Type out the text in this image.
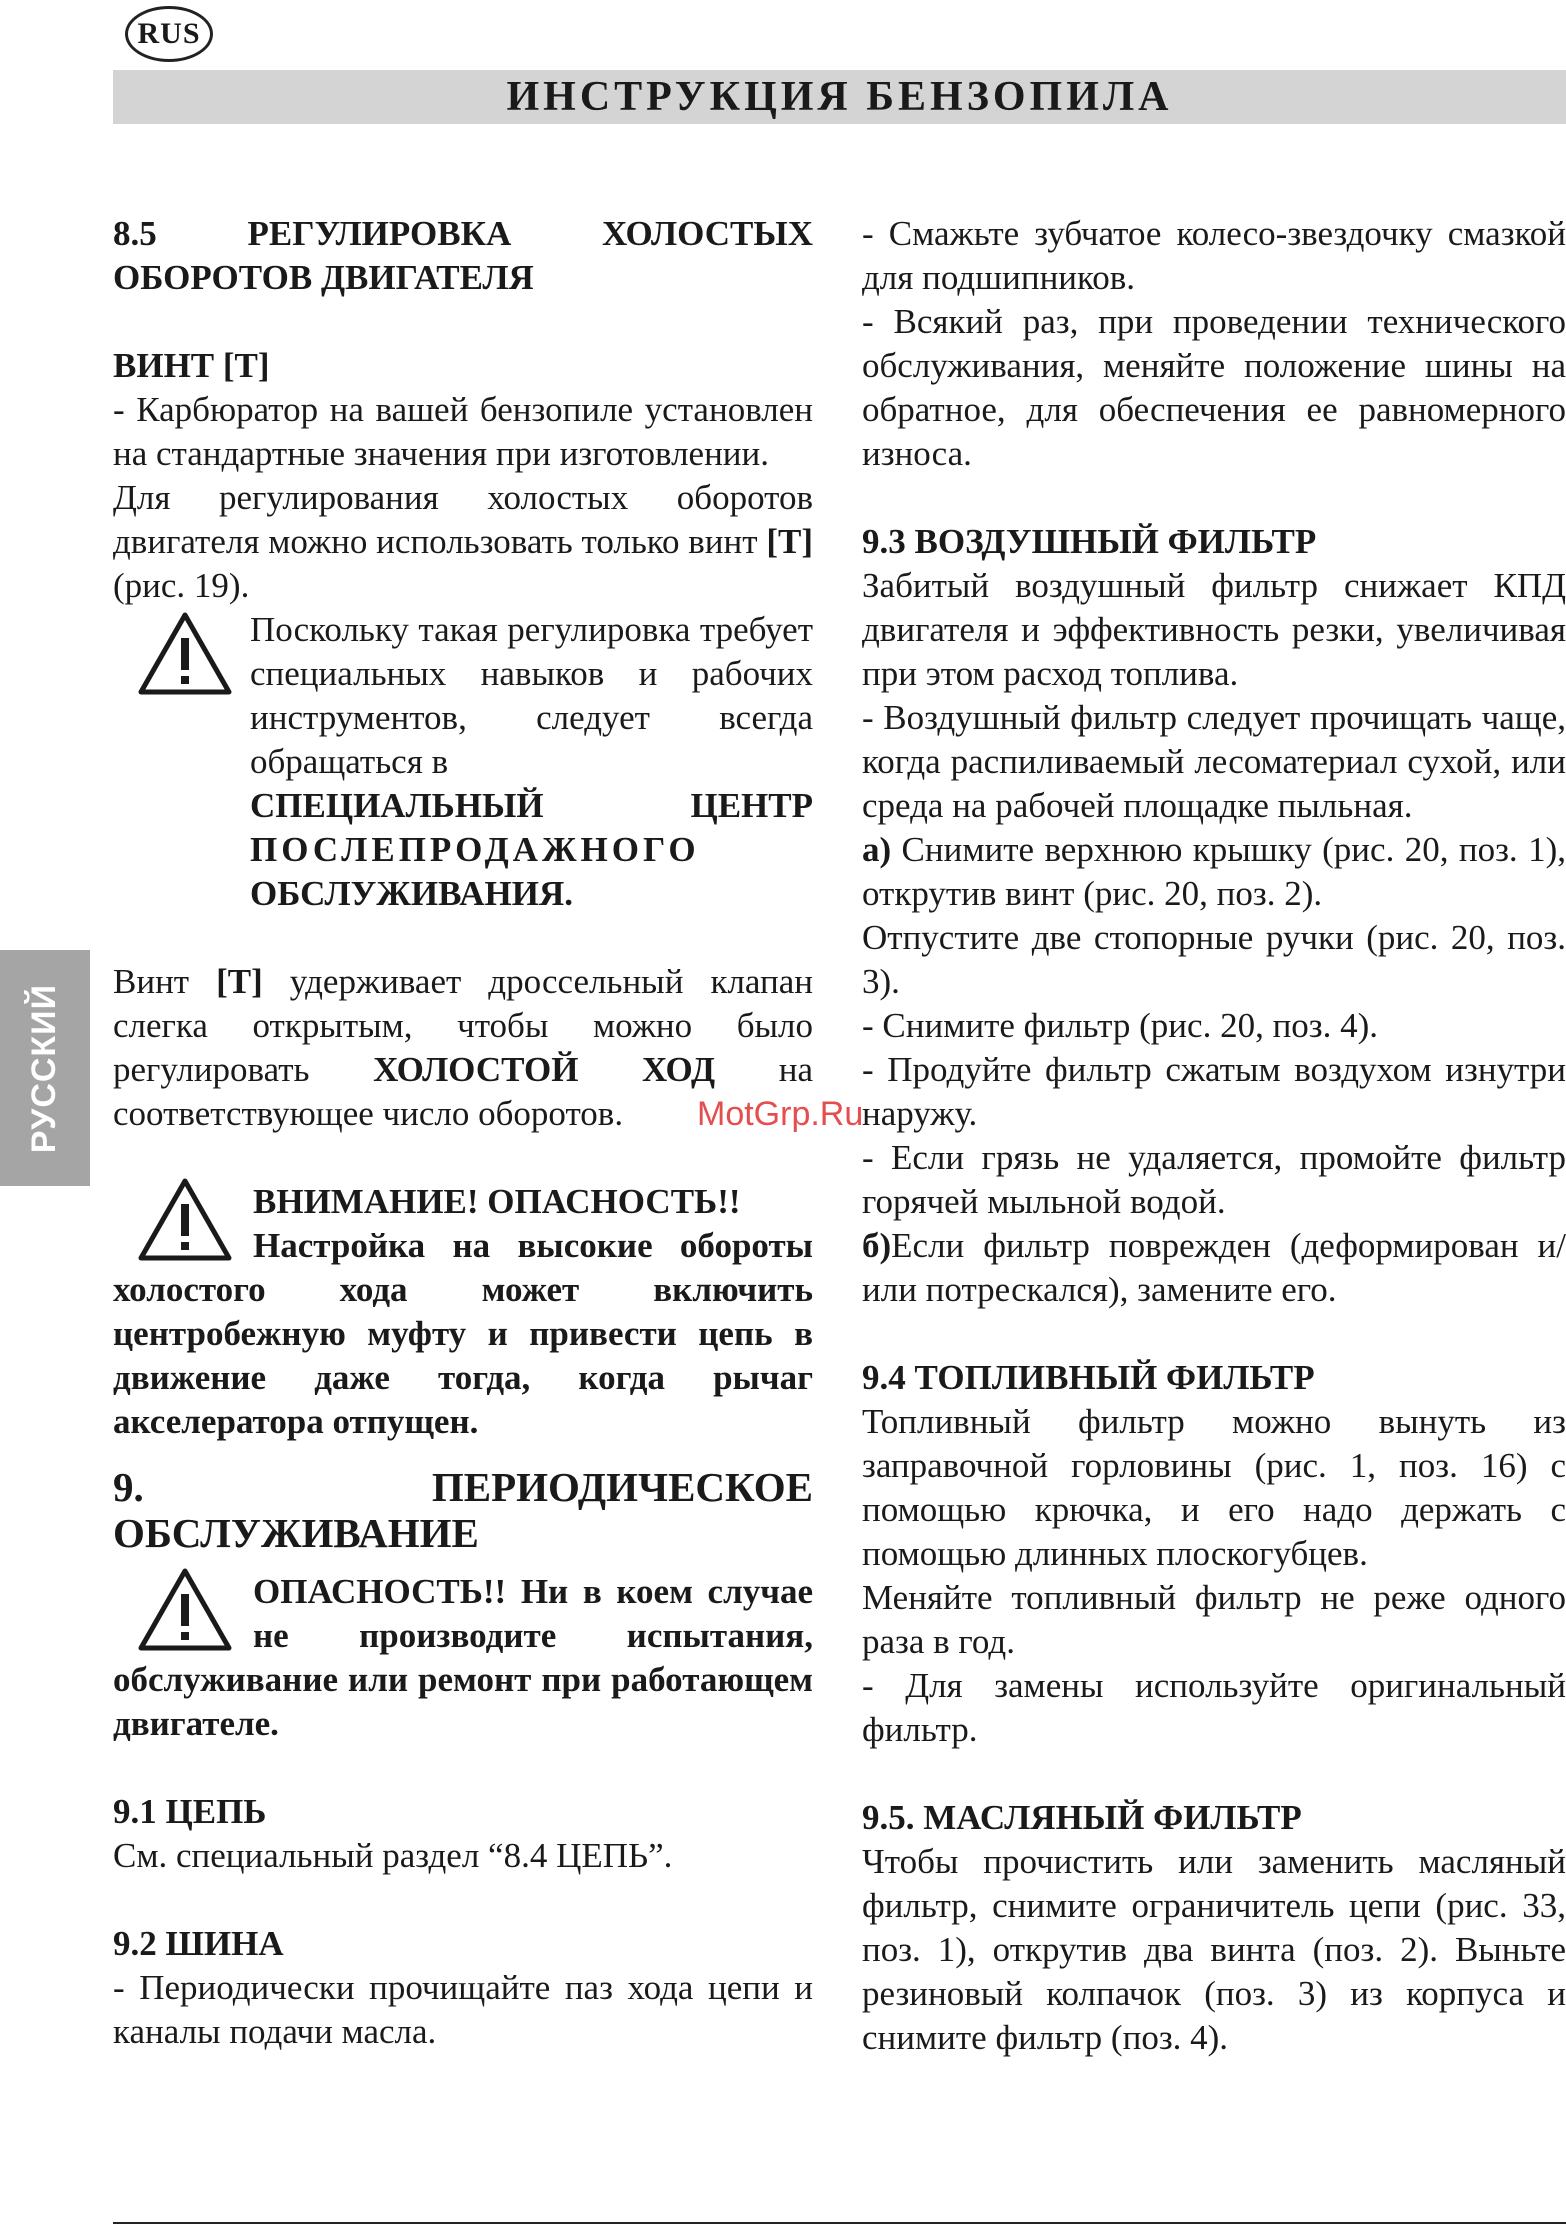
RUS
ИНСТРУКЦИЯ БЕНЗОПИЛА
РУССКИЙ

8.5 РЕГУЛИРОВКА ХОЛОСТЫХ

ОБОРОТОВ ДВИГАТЕЛЯ

ВИНТ [T]

- Карбюратор на вашей бензопиле установлен на стандартные значения при изготовлении.

Для регулирования холостых оборотов двигателя можно использовать только винт [T] (рис. 19).

Поскольку такая регулировка требует специальных навыков и рабочих инструментов, следует всегда обращаться в

СПЕЦИАЛЬНЫЙ ЦЕНТР

ПОСЛЕПРОДАЖНОГО

ОБСЛУЖИВАНИЯ.

Винт [T] удерживает дроссельный клапан слегка открытым, чтобы можно было регулировать ХОЛОСТОЙ ХОД на соответствующее число оборотов.

ВНИМАНИЕ! ОПАСНОСТЬ!!

Настройка на высокие обороты холостого хода может включить центробежную муфту и привести цепь в движение даже тогда, когда рычаг акселератора отпущен.

9. ПЕРИОДИЧЕСКОЕ

ОБСЛУЖИВАНИЕ

ОПАСНОСТЬ!! Ни в коем случае не производите испытания, обслуживание или ремонт при работающем двигателе.

9.1 ЦЕПЬ

См. специальный раздел “8.4 ЦЕПЬ”.

9.2 ШИНА

- Периодически прочищайте паз хода цепи и каналы подачи масла.

- Смажьте зубчатое колесо-звездочку смазкой для подшипников.

- Всякий раз, при проведении технического обслуживания, меняйте положение шины на обратное, для обеспечения ее равномерного износа.

9.3 ВОЗДУШНЫЙ ФИЛЬТР

Забитый воздушный фильтр снижает КПД двигателя и эффективность резки, увеличивая при этом расход топлива.

- Воздушный фильтр следует прочищать чаще, когда распиливаемый лесоматериал сухой, или среда на рабочей площадке пыльная.

а) Снимите верхнюю крышку (рис. 20, поз. 1), открутив винт (рис. 20, поз. 2).

Отпустите две стопорные ручки (рис. 20, поз. 3).

- Снимите фильтр (рис. 20, поз. 4).

- Продуйте фильтр сжатым воздухом изнутри наружу.

- Если грязь не удаляется, промойте фильтр горячей мыльной водой.

б)Если фильтр поврежден (деформирован и/или потрескался), замените его.

9.4 ТОПЛИВНЫЙ ФИЛЬТР

Топливный фильтр можно вынуть из заправочной горловины (рис. 1, поз. 16) с помощью крючка, и его надо держать с помощью длинных плоскогубцев.

Меняйте топливный фильтр не реже одного раза в год.

- Для замены используйте оригинальный фильтр.

9.5. МАСЛЯНЫЙ ФИЛЬТР

Чтобы прочистить или заменить масляный фильтр, снимите ограничитель цепи (рис. 33, поз. 1), открутив два винта (поз. 2). Выньте резиновый колпачок (поз. 3) из корпуса и снимите фильтр (поз. 4).

MotGrp.Ru
